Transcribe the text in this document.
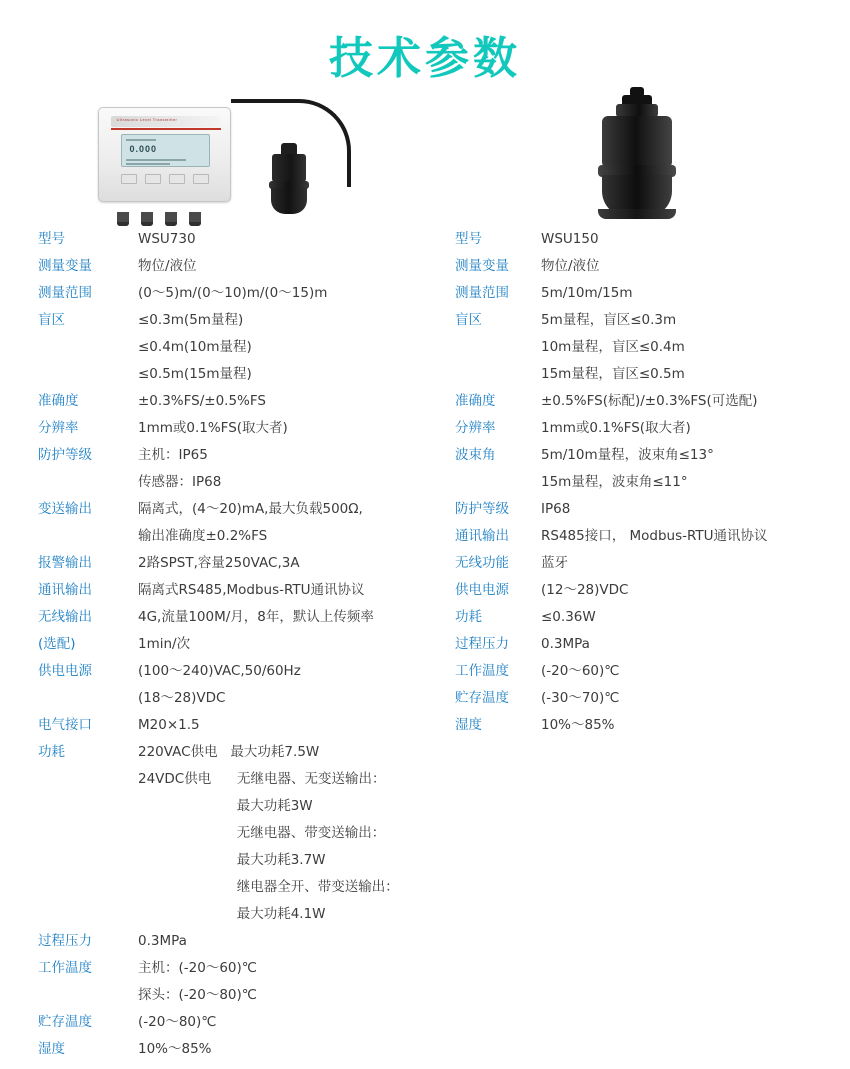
技术参数
Ultrasonic Level Transmitter
0.000
型号	WSU730
测量变量	物位/液位
测量范围	(0～5)m/(0～10)m/(0～15)m
盲区	≤0.3m(5m量程)
≤0.4m(10m量程)
≤0.5m(15m量程)
准确度	±0.3%FS/±0.5%FS
分辨率	1mm或0.1%FS(取大者)
防护等级	主机：IP65
传感器：IP68
变送输出	隔离式，(4～20)mA,最大负载500Ω,
输出准确度±0.2%FS
报警输出	2路SPST,容量250VAC,3A
通讯输出	隔离式RS485,Modbus-RTU通讯协议
无线输出	4G,流量100M/月，8年，默认上传频率
(选配)	1min/次
供电电源	(100～240)VAC,50/60Hz
(18～28)VDC
电气接口	M20×1.5
功耗	220VAC供电   最大功耗7.5W
24VDC供电      无继电器、无变送输出：
最大功耗3W
无继电器、带变送输出：
最大功耗3.7W
继电器全开、带变送输出：
最大功耗4.1W
过程压力	0.3MPa
工作温度	主机：(-20～60)℃
探头：(-20～80)℃
贮存温度	(-20～80)℃
湿度	10%～85%
型号	WSU150
测量变量	物位/液位
测量范围	5m/10m/15m
盲区	5m量程，盲区≤0.3m
10m量程，盲区≤0.4m
15m量程，盲区≤0.5m
准确度	±0.5%FS(标配)/±0.3%FS(可选配)
分辨率	1mm或0.1%FS(取大者)
波束角	5m/10m量程，波束角≤13°
15m量程，波束角≤11°
防护等级	IP68
通讯输出	RS485接口， Modbus-RTU通讯协议
无线功能	蓝牙
供电电源	(12～28)VDC
功耗	≤0.36W
过程压力	0.3MPa
工作温度	(-20～60)℃
贮存温度	(-30～70)℃
湿度	10%～85%
